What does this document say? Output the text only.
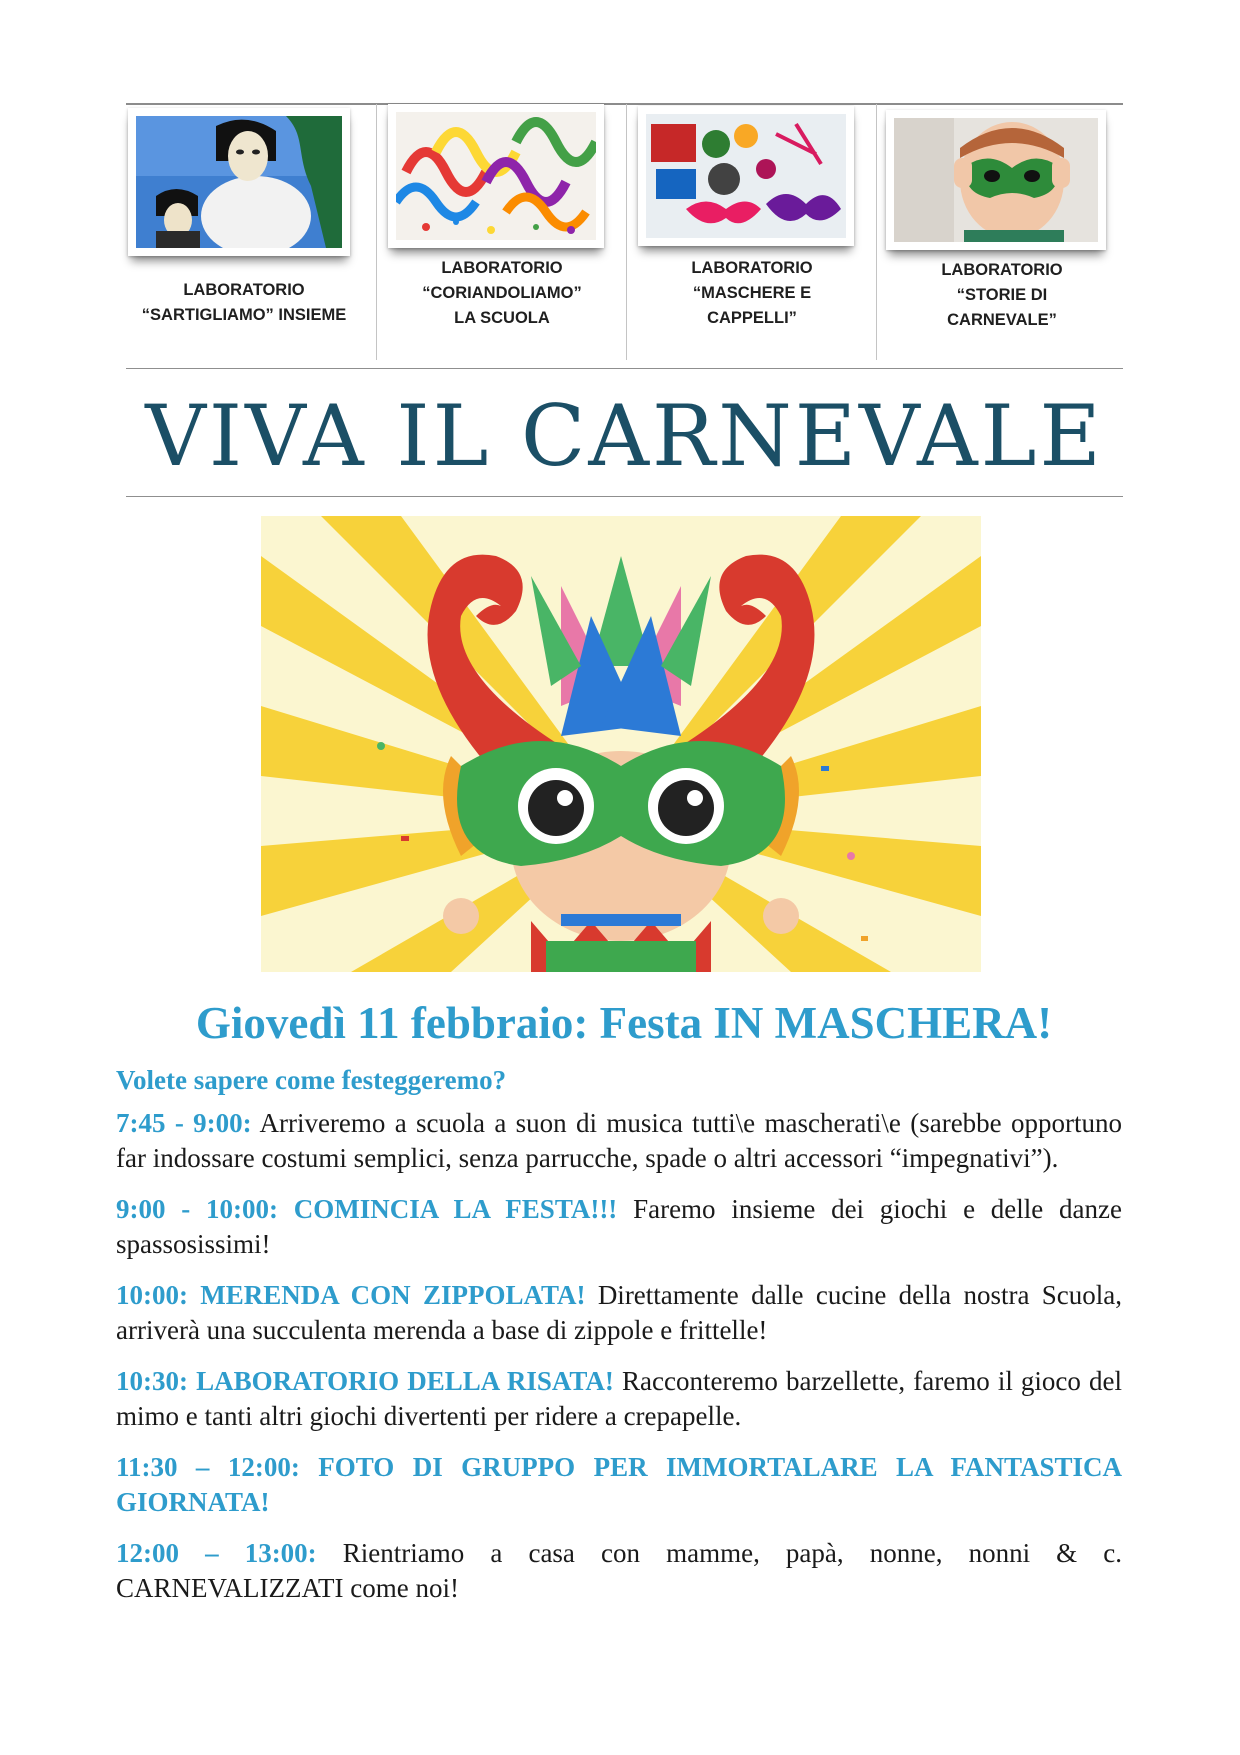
LABORATORIO
“SARTIGLIAMO” INSIEME
LABORATORIO
“CORIANDOLIAMO”
LA SCUOLA
LABORATORIO
“MASCHERE E
CAPPELLI”
LABORATORIO
“STORIE DI
CARNEVALE”
VIVA IL CARNEVALE
Giovedì 11 febbraio: Festa IN MASCHERA!
Volete sapere come festeggeremo?

7:45 - 9:00: Arriveremo a scuola a suon di musica tutti\e mascherati\e (sarebbe opportuno far indossare costumi semplici, senza parrucche, spade o altri accessori “impegnativi”).

9:00 - 10:00: COMINCIA LA FESTA!!! Faremo insieme dei giochi e delle danze spassosissimi!

10:00: MERENDA CON ZIPPOLATA! Direttamente dalle cucine della nostra Scuola, arriverà una succulenta merenda a base di zippole e frittelle!

10:30: LABORATORIO DELLA RISATA! Racconteremo barzellette, faremo il gioco del mimo e tanti altri giochi divertenti per ridere a crepapelle.

11:30 – 12:00: FOTO DI GRUPPO PER IMMORTALARE LA FANTASTICA GIORNATA!

12:00 – 13:00: Rientriamo a casa con mamme, papà, nonne, nonni & c. CARNEVALIZZATI come noi!
